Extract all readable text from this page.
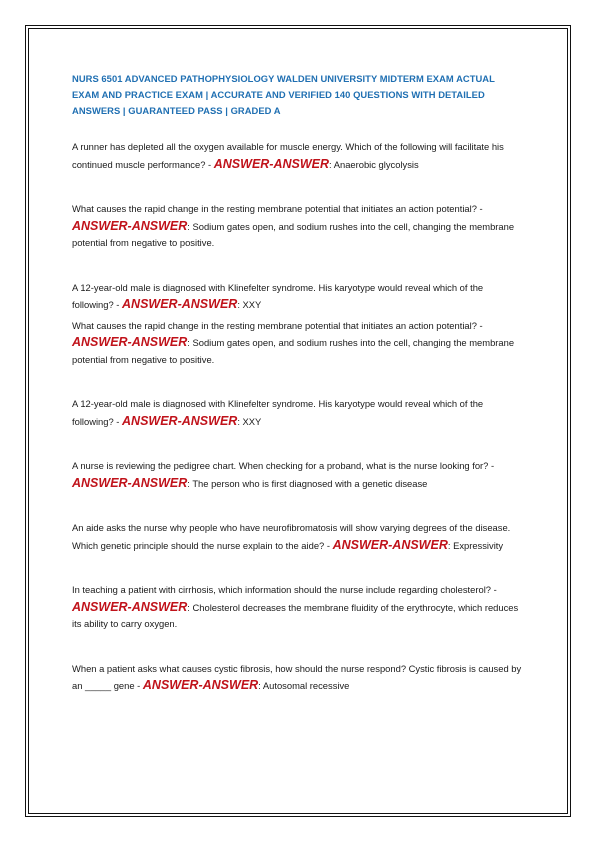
NURS 6501 ADVANCED PATHOPHYSIOLOGY WALDEN UNIVERSITY MIDTERM EXAM ACTUAL EXAM AND PRACTICE EXAM | ACCURATE AND VERIFIED 140 QUESTIONS WITH DETAILED ANSWERS | GUARANTEED PASS | GRADED A

A runner has depleted all the oxygen available for muscle energy. Which of the following will facilitate his continued muscle performance? - ANSWER-ANSWER: Anaerobic glycolysis

What causes the rapid change in the resting membrane potential that initiates an action potential? - ANSWER-ANSWER: Sodium gates open, and sodium rushes into the cell, changing the membrane potential from negative to positive.

A 12-year-old male is diagnosed with Klinefelter syndrome. His karyotype would reveal which of the following? - ANSWER-ANSWER: XXY

What causes the rapid change in the resting membrane potential that initiates an action potential? - ANSWER-ANSWER: Sodium gates open, and sodium rushes into the cell, changing the membrane potential from negative to positive.

A 12-year-old male is diagnosed with Klinefelter syndrome. His karyotype would reveal which of the following? - ANSWER-ANSWER: XXY

A nurse is reviewing the pedigree chart. When checking for a proband, what is the nurse looking for? - ANSWER-ANSWER: The person who is first diagnosed with a genetic disease

An aide asks the nurse why people who have neurofibromatosis will show varying degrees of the disease. Which genetic principle should the nurse explain to the aide? - ANSWER-ANSWER: Expressivity

In teaching a patient with cirrhosis, which information should the nurse include regarding cholesterol? - ANSWER-ANSWER: Cholesterol decreases the membrane fluidity of the erythrocyte, which reduces its ability to carry oxygen.

When a patient asks what causes cystic fibrosis, how should the nurse respond? Cystic fibrosis is caused by an _____ gene - ANSWER-ANSWER: Autosomal recessive
